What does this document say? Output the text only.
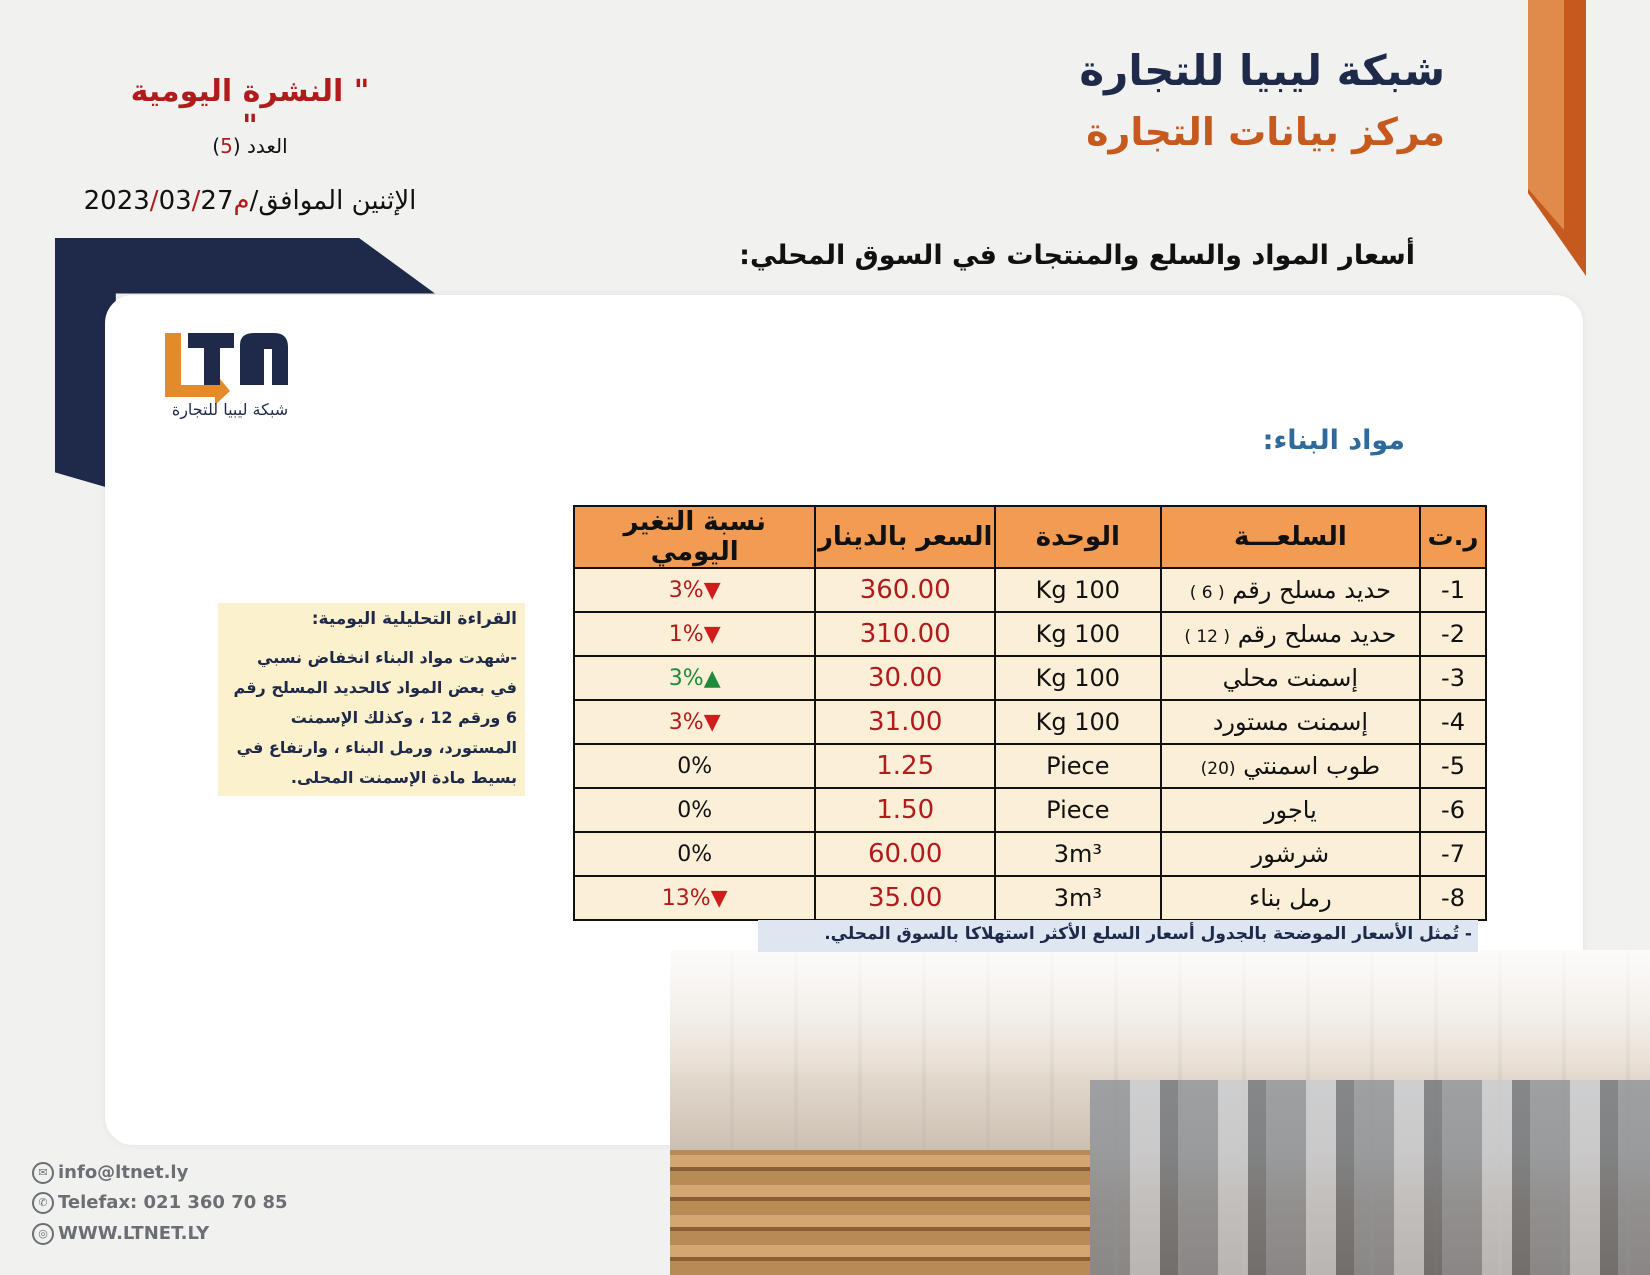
شبكة ليبيا للتجارة
مركز بيانات التجارة
" النشرة اليومية "
العدد (5)
م2023/03/27 الإثنين الموافق/
أسعار المواد والسلع والمنتجات في السوق المحلي:
شبكة ليبيا للتجارة
مواد البناء:
ر.ت	السلعـــة	الوحدة	السعر بالدينار	نسبة التغير اليومي
1-	حديد مسلح رقم ( 6 )	100 Kg	360.00	3%▼
2-	حديد مسلح رقم ( 12 )	100 Kg	310.00	1%▼
3-	إسمنت محلي	100 Kg	30.00	3%▲
4-	إسمنت مستورد	100 Kg	31.00	3%▼
5-	طوب اسمنتي (20)	Piece	1.25	0%
6-	ياجور	Piece	1.50	0%
7-	شرشور	3m³	60.00	0%
8-	رمل بناء	3m³	35.00	13%▼
القراءة التحليلية اليومية:
-شهدت مواد البناء انخفاض نسبي في بعض المواد كالحديد المسلح رقم 6 ورقم 12 ، وكذلك الإسمنت المستورد، ورمل البناء ، وارتفاع في بسيط مادة الإسمنت المحلى.
- تُمثل الأسعار الموضحة بالجدول أسعار السلع الأكثر استهلاكا بالسوق المحلي.
✉ info@ltnet.ly
✆ Telefax: 021 360 70 85
◎ WWW.LTNET.LY
